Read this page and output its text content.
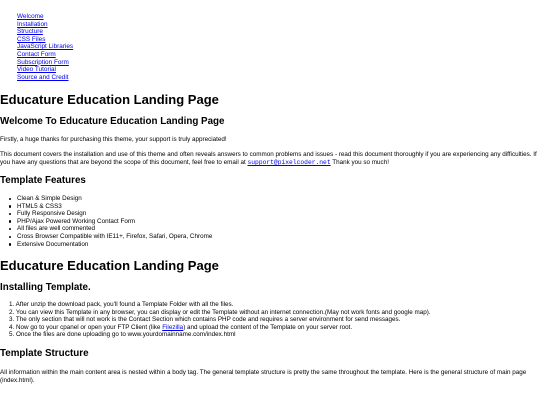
Welcome
Installation
Structure
CSS Files
JavaScript Libraries
Contact Form
Subscription Form
Video Tutorial
Source and Credit
Educature Education Landing Page
Welcome To Educature Education Landing Page
Firstly, a huge thanks for purchasing this theme, your support is truly appreciated!
This document covers the installation and use of this theme and often reveals answers to common problems and issues - read this document thoroughly if you are experiencing any difficulties. If you have any questions that are beyond the scope of this document, feel free to email at support@pixelcoder.net Thank you so much!
Template Features
Clean & Simple Design
HTML5 & CSS3
Fully Responsive Design
PHP/Ajax Powered Working Contact Form
All files are well commented
Cross Browser Compatible with IE11+, Firefox, Safari, Opera, Chrome
Extensive Documentation
Educature Education Landing Page
Installing Template.
1. After unzip the download pack, you'll found a Template Folder with all the files.
2. You can view this Template in any browser, you can display or edit the Template without an internet connection.(May not work fonts and google map).
3. The only section that will not work is the Contact Section which contains PHP code and requires a server environment for send messages.
4. Now go to your cpanel or open your FTP Client (like Filezilla) and upload the content of the Template on your server root.
5. Once the files are done uploading go to www.yourdomainname.com/index.html
Template Structure
All information within the main content area is nested within a body tag. The general template structure is pretty the same throughout the template. Here is the general structure of main page (index.html).
